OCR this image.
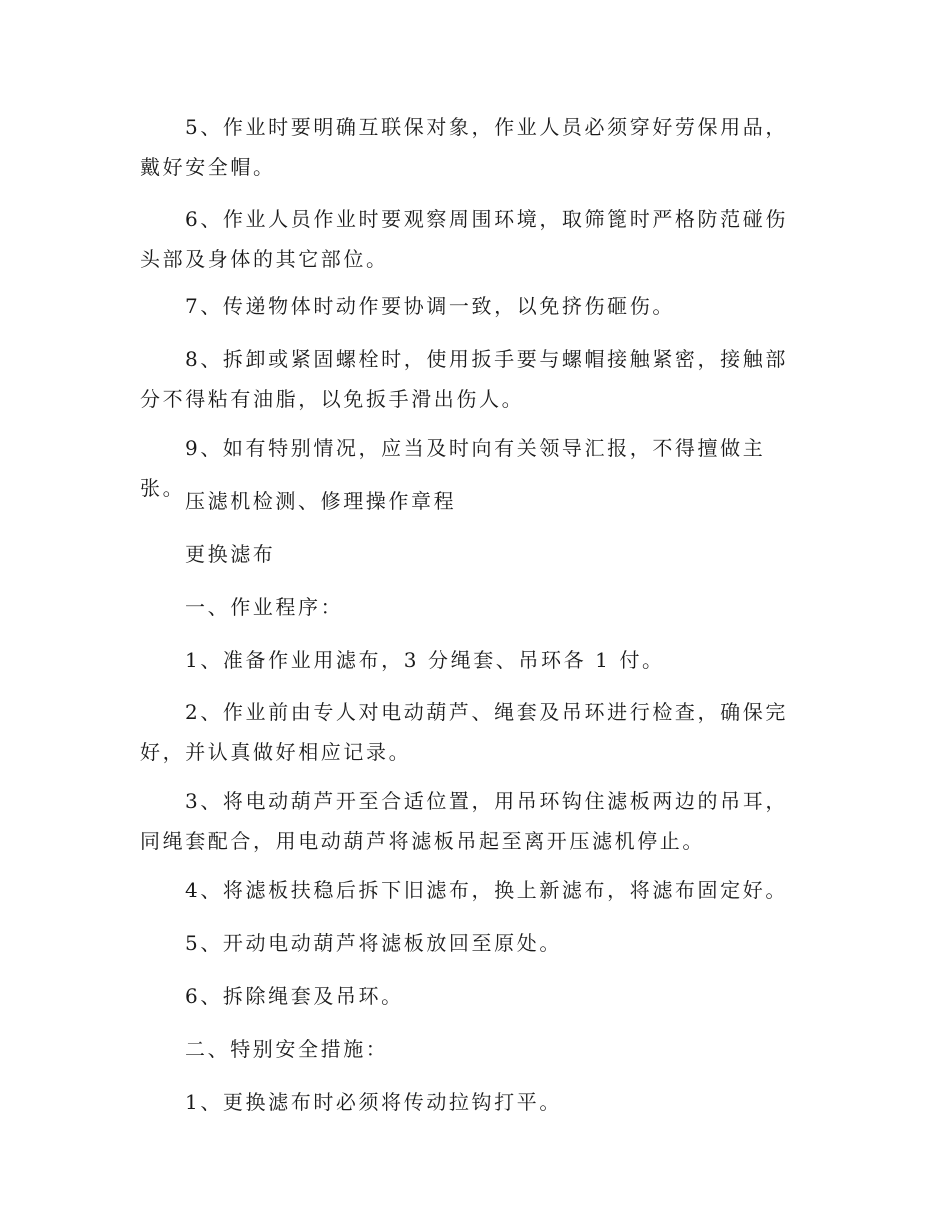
5、作业时要明确互联保对象，作业人员必须穿好劳保用品，戴好安全帽。

6、作业人员作业时要观察周围环境，取筛篦时严格防范碰伤头部及身体的其它部位。

7、传递物体时动作要协调一致，以免挤伤砸伤。

8、拆卸或紧固螺栓时，使用扳手要与螺帽接触紧密，接触部分不得粘有油脂，以免扳手滑出伤人。

9、如有特别情况，应当及时向有关领导汇报，不得擅做主张。

压滤机检测、修理操作章程

更换滤布

一、作业程序：

1、准备作业用滤布，3 分绳套、吊环各 1 付。

2、作业前由专人对电动葫芦、绳套及吊环进行检查，确保完好，并认真做好相应记录。

3、将电动葫芦开至合适位置，用吊环钩住滤板两边的吊耳，同绳套配合，用电动葫芦将滤板吊起至离开压滤机停止。

4、将滤板扶稳后拆下旧滤布，换上新滤布，将滤布固定好。

5、开动电动葫芦将滤板放回至原处。

6、拆除绳套及吊环。

二、特别安全措施：

1、更换滤布时必须将传动拉钩打平。
